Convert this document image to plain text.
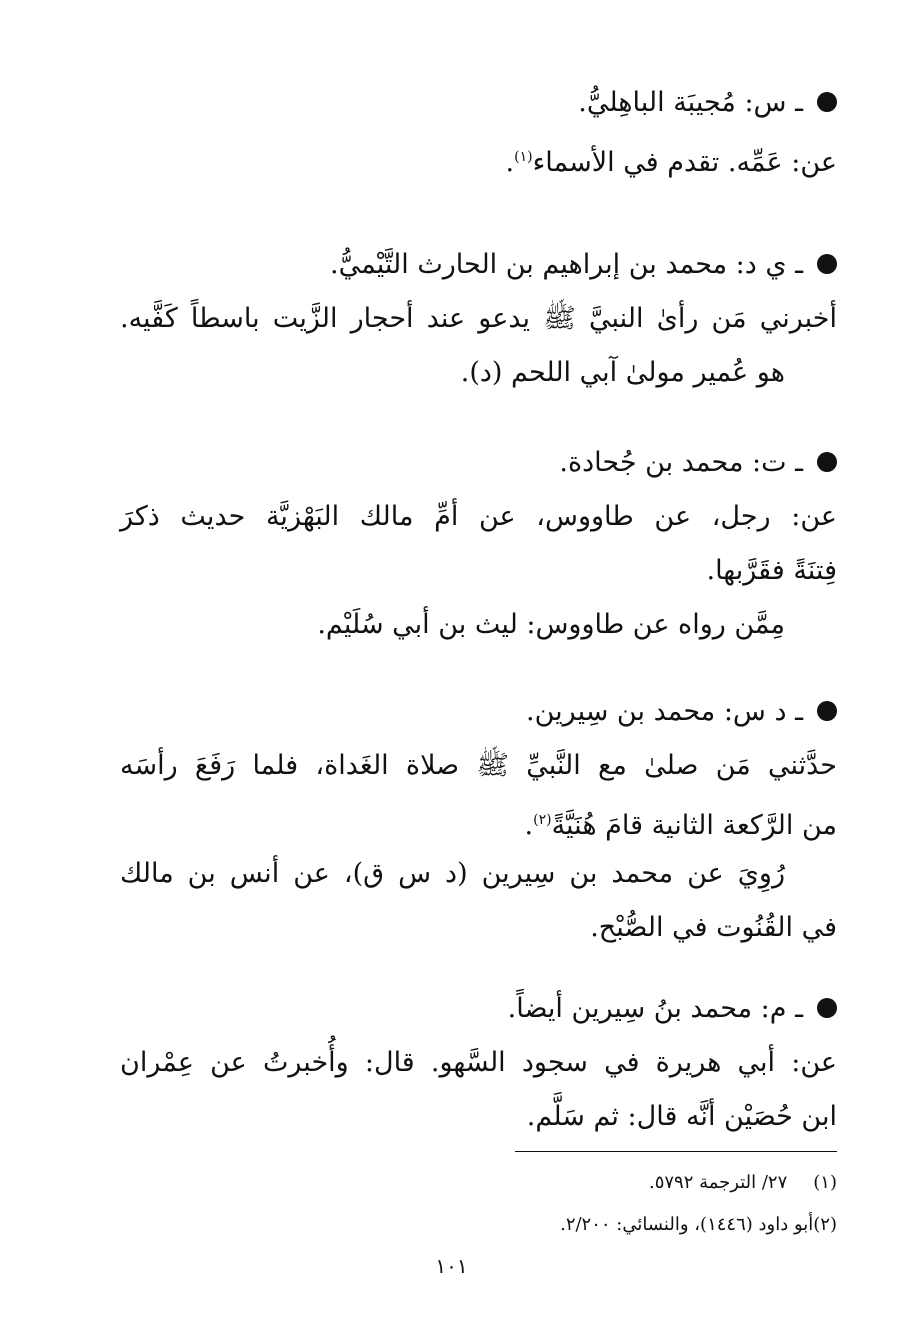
ـ س: مُجيبَة الباهِليُّ.
عن: عَمِّه. تقدم في الأسماء$^{(١)}$.
ـ ي د: محمد بن إبراهيم بن الحارث التَّيْميُّ.
أخبرني مَن رأىٰ النبيَّ ﷺ يدعو عند أحجار الزَّيت باسطاً كَفَّيه.
هو عُمير مولىٰ آبي اللحم (د).
ـ ت: محمد بن جُحادة.
عن: رجل، عن طاووس، عن أمِّ مالك البَهْزيَّة حديث ذكرَ
فِتنَةً فقَرَّبها.
مِمَّن رواه عن طاووس: ليث بن أبي سُلَيْم.
ـ د س: محمد بن سِيرين.
حدَّثني مَن صلىٰ مع النَّبيِّ ﷺ صلاة الغَداة، فلما رَفَعَ رأسَه
من الرَّكعة الثانية قامَ هُنَيَّةً$^{(٢)}$.
رُوِيَ عن محمد بن سِيرين (د س ق)، عن أنس بن مالك
في القُنُوت في الصُّبْح.
ـ م: محمد بنُ سِيرين أيضاً.
عن: أبي هريرة في سجود السَّهو. قال: وأُخبرتُ عن عِمْران
ابن حُصَيْن أنَّه قال: ثم سَلَّم.
(١)٢٧/ الترجمة ٥٧٩٢.
(٢)أبو داود (١٤٤٦)، والنسائي: ٢/٢٠٠.
١٠١
